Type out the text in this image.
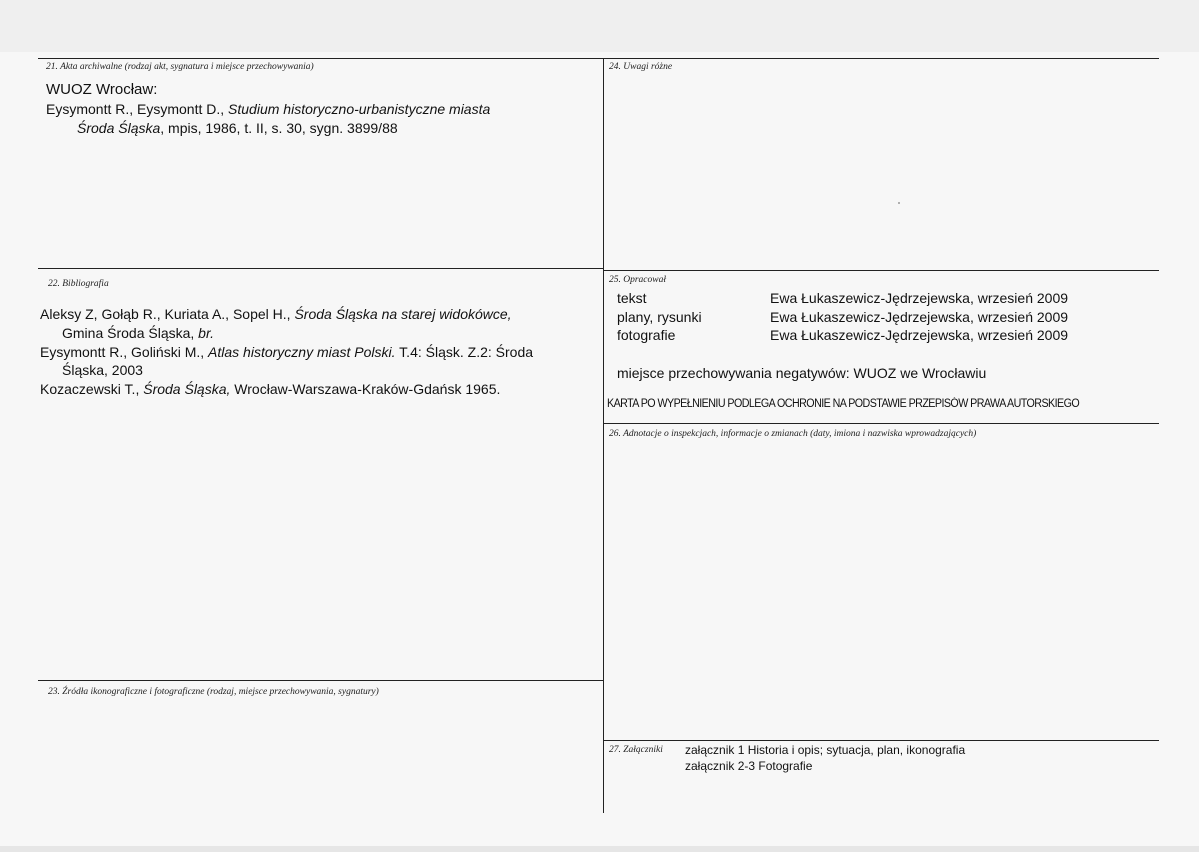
21. Akta archiwalne (rodzaj akt, sygnatura i miejsce przechowywania)
WUOZ Wrocław:
Eysymontt R., Eysymontt D., Studium historyczno-urbanistyczne miasta
Środa Śląska, mpis, 1986, t. II, s. 30, sygn. 3899/88
24. Uwagi różne
22. Bibliografia
Aleksy Z, Gołąb R., Kuriata A., Sopel H., Środa Śląska na starej widokówce,
Gmina Środa Śląska, br.
Eysymontt R., Goliński M., Atlas historyczny miast Polski. T.4: Śląsk. Z.2: Środa
Śląska, 2003
Kozaczewski T., Środa Śląska, Wrocław-Warszawa-Kraków-Gdańsk 1965.
25. Opracował
tekst	Ewa Łukaszewicz-Jędrzejewska, wrzesień 2009
plany, rysunki	Ewa Łukaszewicz-Jędrzejewska, wrzesień 2009
fotografie	Ewa Łukaszewicz-Jędrzejewska, wrzesień 2009
miejsce przechowywania negatywów: WUOZ we Wrocławiu
KARTA PO WYPEŁNIENIU PODLEGA OCHRONIE NA PODSTAWIE PRZEPISÓW PRAWA AUTORSKIEGO
26. Adnotacje o inspekcjach, informacje o zmianach (daty, imiona i nazwiska wprowadzających)
23. Źródła ikonograficzne i fotograficzne (rodzaj, miejsce przechowywania, sygnatury)
27. Załączniki załącznik 1 Historia i opis; sytuacja, plan, ikonografia
załącznik 2-3 Fotografie
